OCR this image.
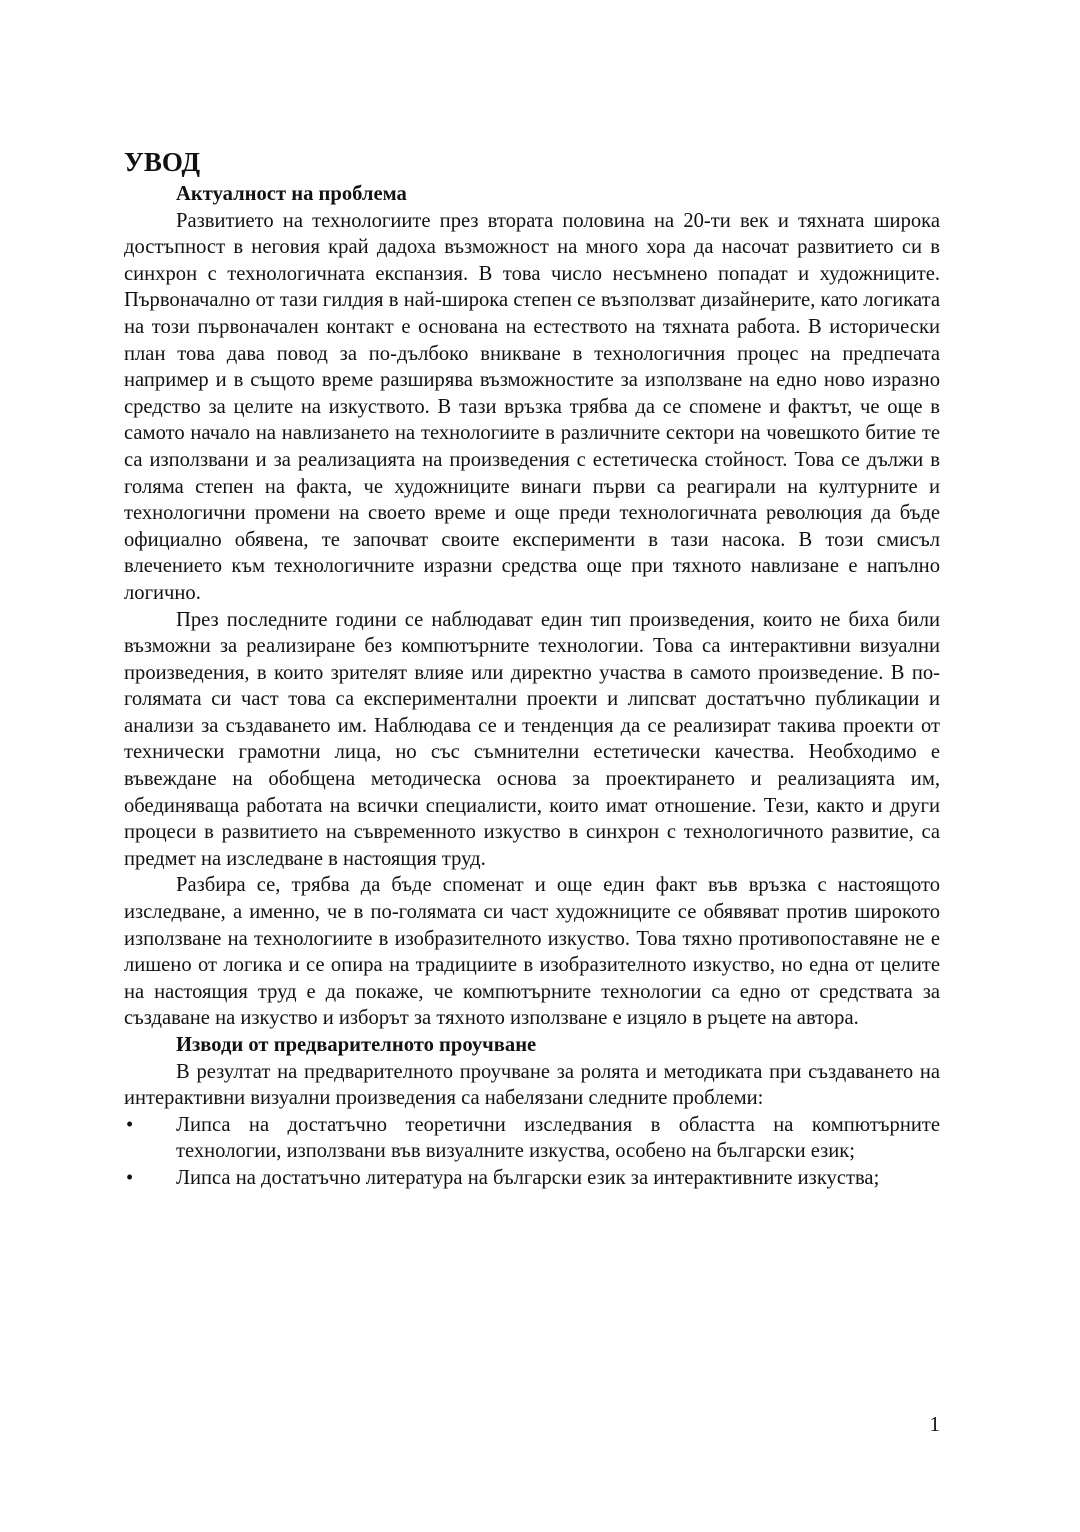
УВОД
Актуалност на проблема

Развитието на технологиите през втората половина на 20-ти век и тяхната широка достъпност в неговия край дадоха възможност на много хора да насочат развитието си в синхрон с технологичната експанзия. В това число несъмнено попадат и художниците. Първоначално от тази гилдия в най-широка степен се възползват дизайнерите, като логиката на този първоначален контакт е основана на естеството на тяхната работа. В исторически план това дава повод за по-дълбоко вникване в технологичния процес на предпечата например и в същото време разширява възможностите за използване на едно ново изразно средство за целите на изкуството. В тази връзка трябва да се спомене и фактът, че още в самото начало на навлизането на технологиите в различните сектори на човешкото битие те са използвани и за реализацията на произведения с естетическа стойност. Това се дължи в голяма степен на факта, че художниците винаги първи са реагирали на културните и технологични промени на своето време и още преди технологичната революция да бъде официално обявена, те започват своите експерименти в тази насока. В този смисъл влечението към технологичните изразни средства още при тяхното навлизане е напълно логично.

През последните години се наблюдават един тип произведения, които не биха били възможни за реализиране без компютърните технологии. Това са интерактивни визуални произведения, в които зрителят влияе или директно участва в самото произведение. В по-голямата си част това са експериментални проекти и липсват достатъчно публикации и анализи за създаването им. Наблюдава се и тенденция да се реализират такива проекти от технически грамотни лица, но със съмнителни естетически качества. Необходимо е въвеждане на обобщена методическа основа за проектирането и реализацията им, обединяваща работата на всички специалисти, които имат отношение. Тези, както и други процеси в развитието на съвременното изкуство в синхрон с технологичното развитие, са предмет на изследване в настоящия труд.

Разбира се, трябва да бъде споменат и още един факт във връзка с настоящото изследване, а именно, че в по-голямата си част художниците се обявяват против широкото използване на технологиите в изобразителното изкуство. Това тяхно противопоставяне не е лишено от логика и се опира на традициите в изобразителното изкуство, но една от целите на настоящия труд е да покаже, че компютърните технологии са едно от средствата за създаване на изкуство и изборът за тяхното използване е изцяло в ръцете на автора.

Изводи от предварителното проучване

В резултат на предварителното проучване за ролята и методиката при създаването на интерактивни визуални произведения са набелязани следните проблеми:

• Липса на достатъчно теоретични изследвания в областта на компютърните технологии, използвани във визуалните изкуства, особено на български език;
• Липса на достатъчно литература на български език за интерактивните изкуства;
1
